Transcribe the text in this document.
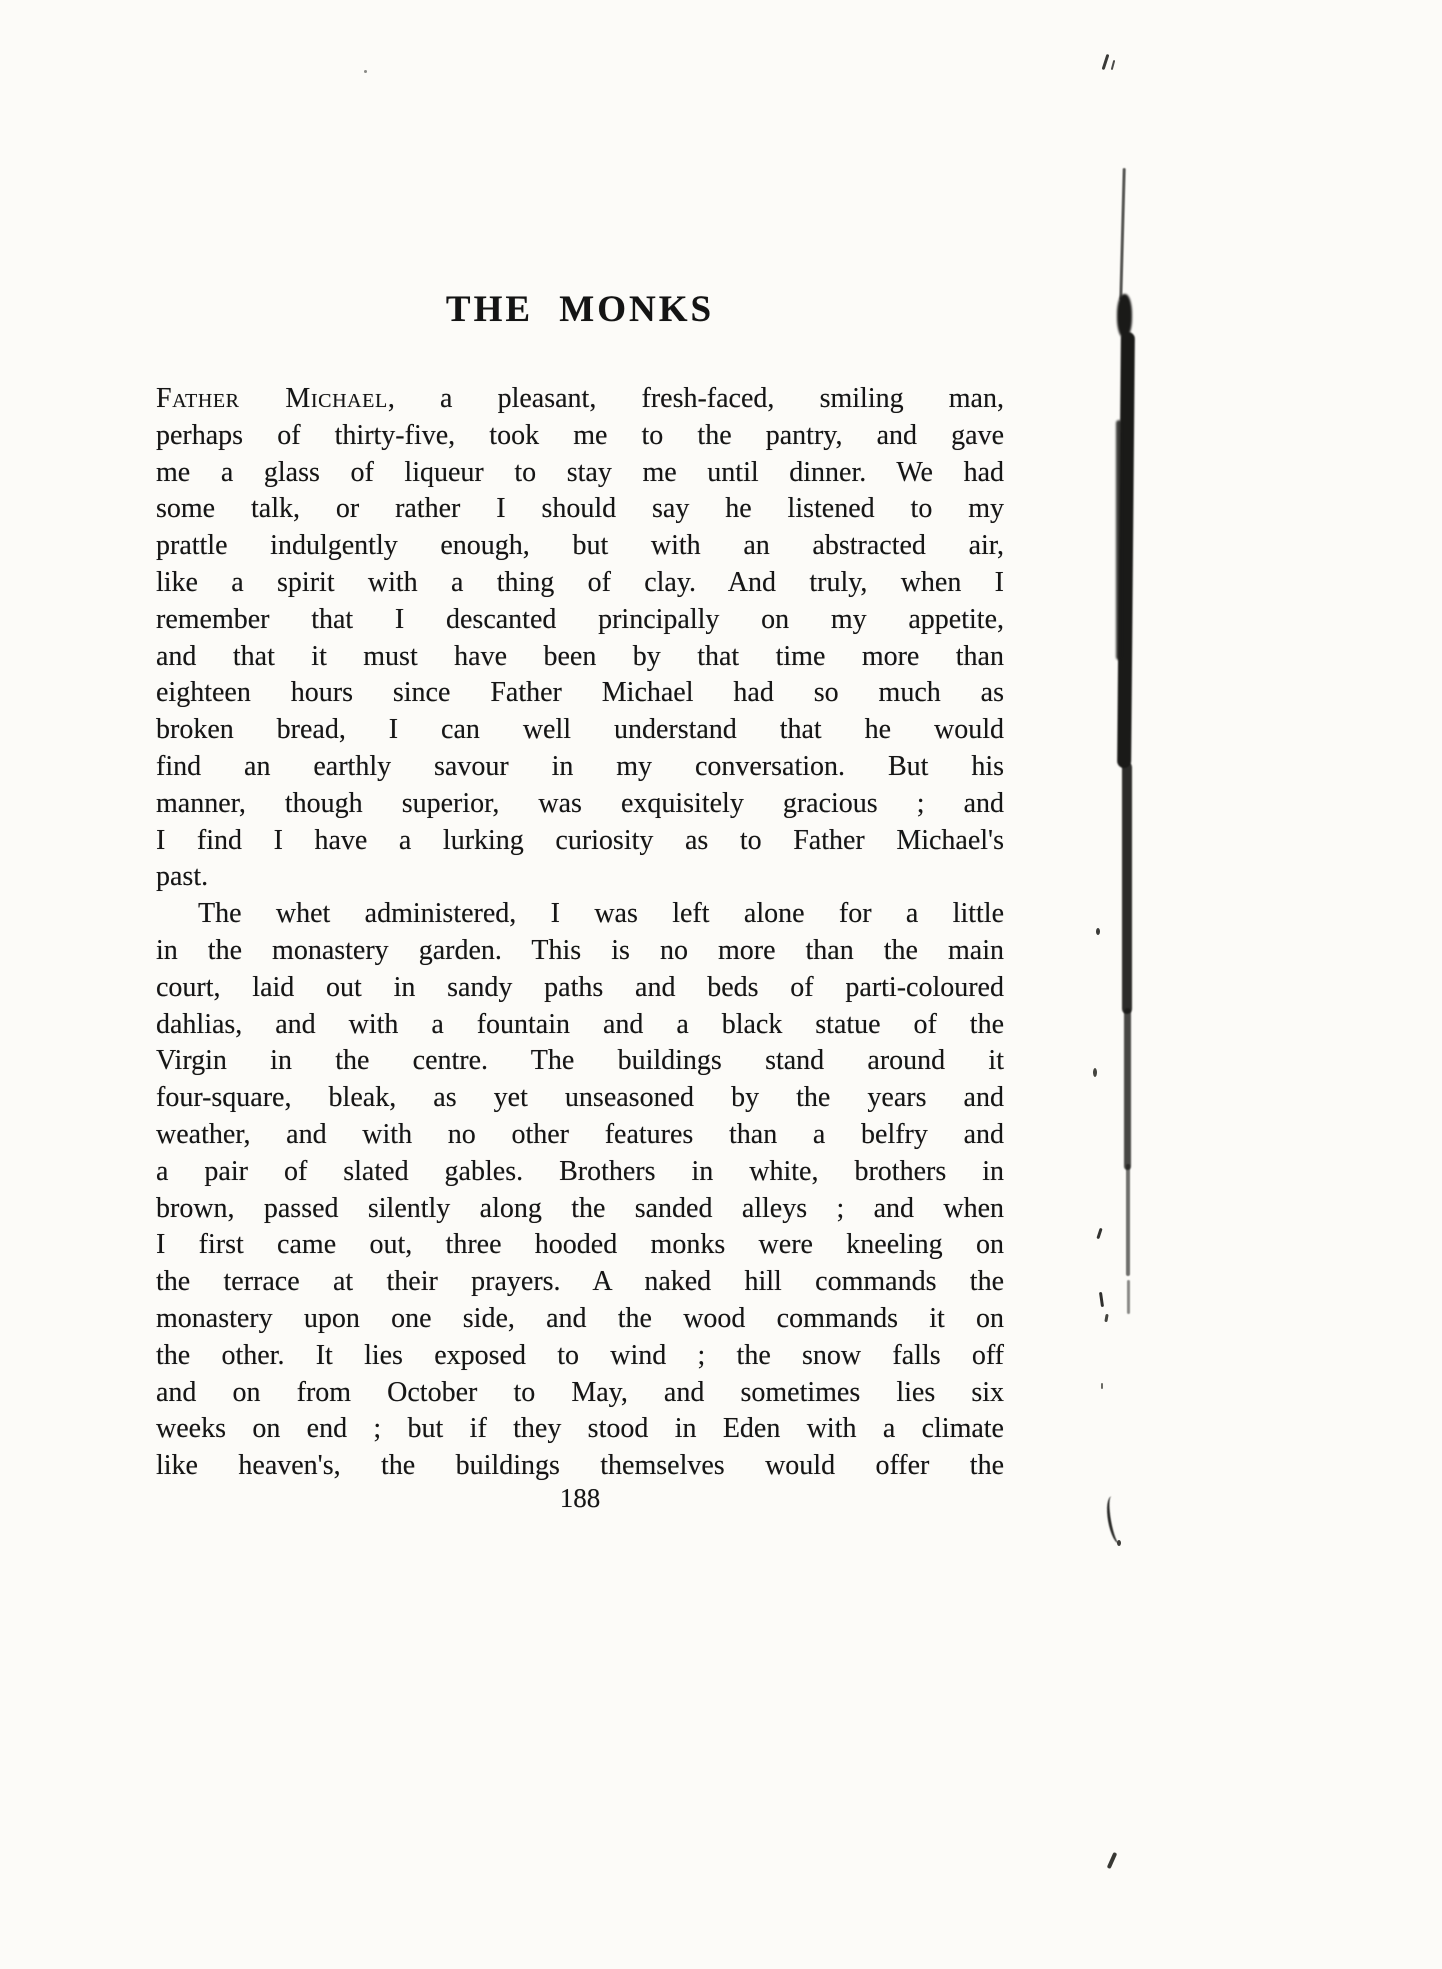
THE MONKS

Father Michael, a pleasant, fresh-faced, smiling man,

perhaps of thirty-five, took me to the pantry, and gave

me a glass of liqueur to stay me until dinner. We had

some talk, or rather I should say he listened to my

prattle indulgently enough, but with an abstracted air,

like a spirit with a thing of clay. And truly, when I

remember that I descanted principally on my appetite,

and that it must have been by that time more than

eighteen hours since Father Michael had so much as

broken bread, I can well understand that he would

find an earthly savour in my conversation. But his

manner, though superior, was exquisitely gracious ; and

I find I have a lurking curiosity as to Father Michael's

past.

The whet administered, I was left alone for a little

in the monastery garden. This is no more than the main

court, laid out in sandy paths and beds of parti-coloured

dahlias, and with a fountain and a black statue of the

Virgin in the centre. The buildings stand around it

four-square, bleak, as yet unseasoned by the years and

weather, and with no other features than a belfry and

a pair of slated gables. Brothers in white, brothers in

brown, passed silently along the sanded alleys ; and when

I first came out, three hooded monks were kneeling on

the terrace at their prayers. A naked hill commands the

monastery upon one side, and the wood commands it on

the other. It lies exposed to wind ; the snow falls off

and on from October to May, and sometimes lies six

weeks on end ; but if they stood in Eden with a climate

like heaven's, the buildings themselves would offer the

188
